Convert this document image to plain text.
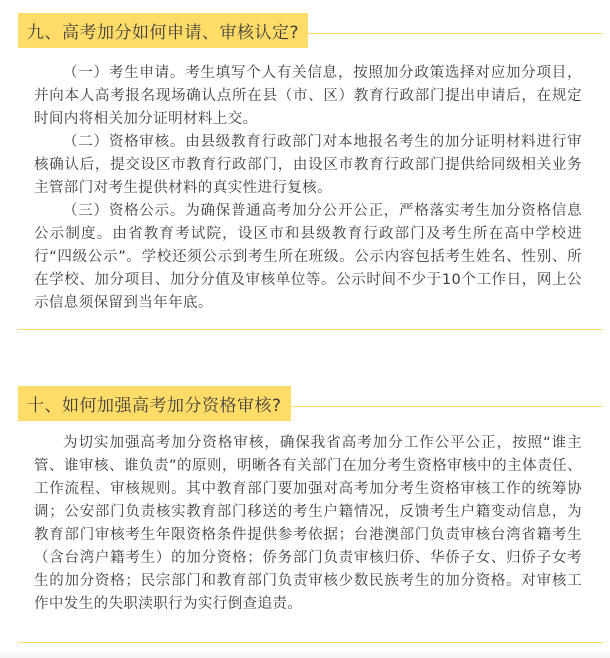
九、高考加分如何申请、审核认定?

（一）考生申请。考生填写个人有关信息，按照加分政策选择对应加分项目，并向本人高考报名现场确认点所在县（市、区）教育行政部门提出申请后，在规定时间内将相关加分证明材料上交。

（二）资格审核。由县级教育行政部门对本地报名考生的加分证明材料进行审核确认后，提交设区市教育行政部门，由设区市教育行政部门提供给同级相关业务主管部门对考生提供材料的真实性进行复核。

（三）资格公示。为确保普通高考加分公开公正，严格落实考生加分资格信息公示制度。由省教育考试院，设区市和县级教育行政部门及考生所在高中学校进行“四级公示”。学校还须公示到考生所在班级。公示内容包括考生姓名、性别、所在学校、加分项目、加分分值及审核单位等。公示时间不少于10个工作日，网上公示信息须保留到当年年底。

十、如何加强高考加分资格审核?

为切实加强高考加分资格审核，确保我省高考加分工作公平公正，按照“谁主管、谁审核、谁负责”的原则，明晰各有关部门在加分考生资格审核中的主体责任、工作流程、审核规则。其中教育部门要加强对高考加分考生资格审核工作的统筹协调；公安部门负责核实教育部门移送的考生户籍情况，反馈考生户籍变动信息，为教育部门审核考生年限资格条件提供参考依据；台港澳部门负责审核台湾省籍考生（含台湾户籍考生）的加分资格；侨务部门负责审核归侨、华侨子女、归侨子女考生的加分资格；民宗部门和教育部门负责审核少数民族考生的加分资格。对审核工作中发生的失职渎职行为实行倒查追责。
